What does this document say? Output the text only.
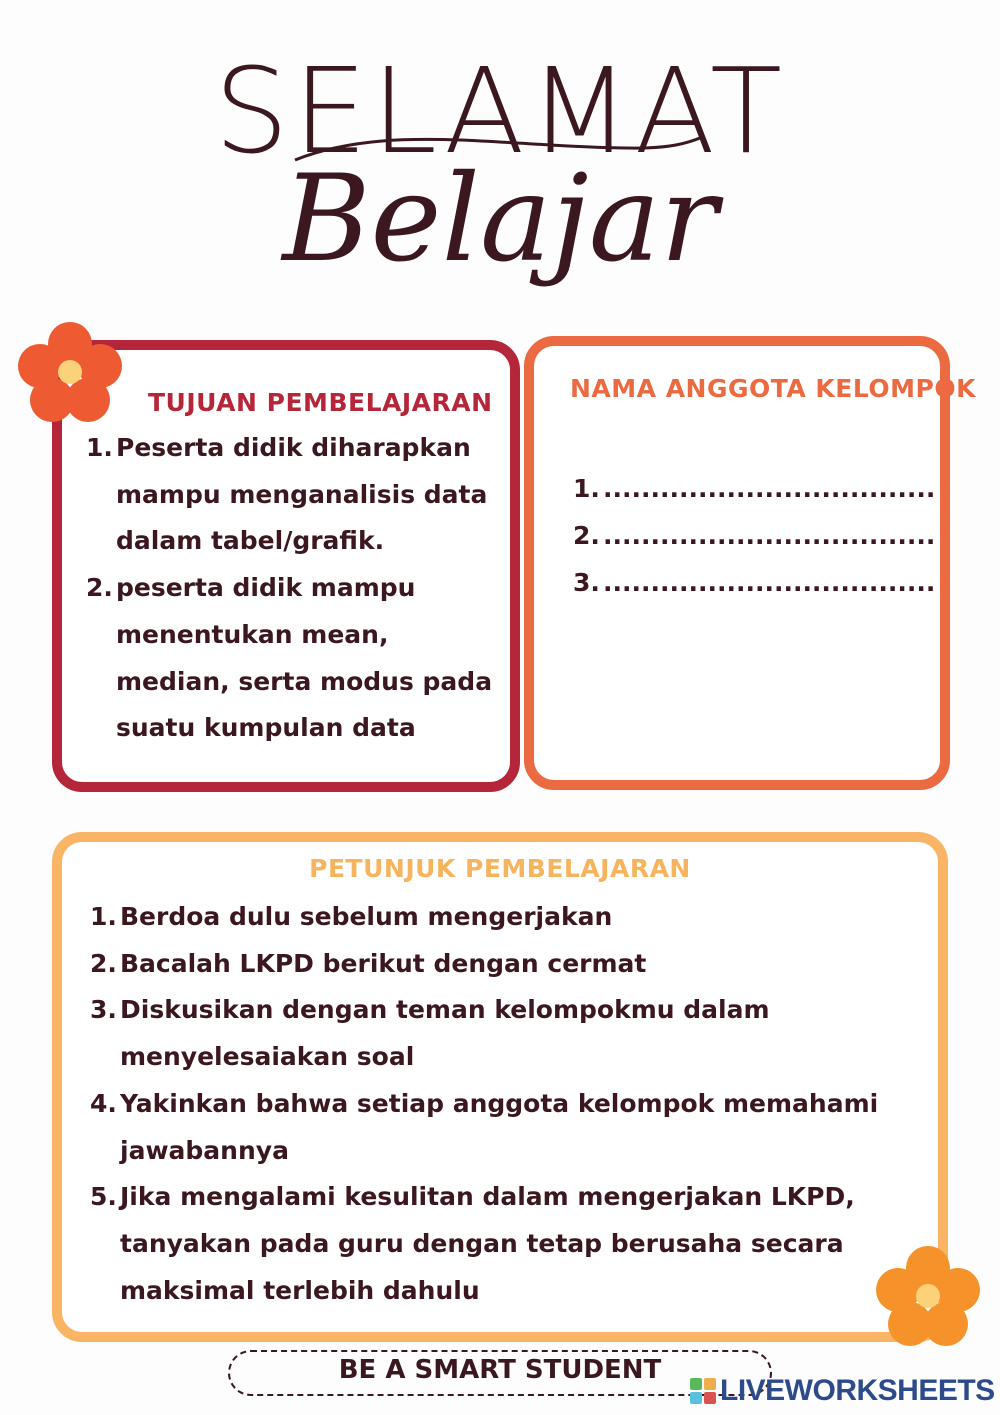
SELAMAT
Belajar
TUJUAN PEMBELAJARAN
1. Peserta didik diharapkan mampu menganalisis data dalam tabel/grafik.
2. peserta didik mampu menentukan mean, median, serta modus pada suatu kumpulan data
NAMA ANGGOTA KELOMPOK
1. ...................................
2. ...................................
3. ...................................
PETUNJUK PEMBELAJARAN
1. Berdoa dulu sebelum mengerjakan
2. Bacalah LKPD berikut dengan cermat
3. Diskusikan dengan teman kelompokmu dalam menyelesaiakan soal
4. Yakinkan bahwa setiap anggota kelompok memahami jawabannya
5. Jika mengalami kesulitan dalam mengerjakan LKPD, tanyakan pada guru dengan tetap berusaha secara maksimal terlebih dahulu
BE A SMART STUDENT
LIVEWORKSHEETS
